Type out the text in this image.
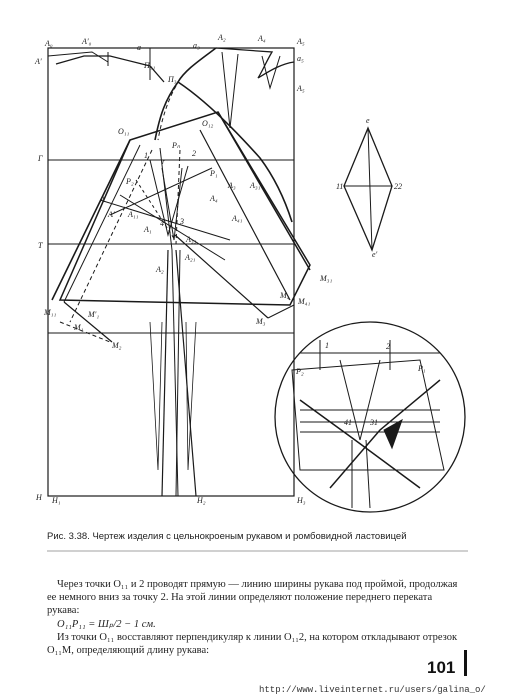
A₀	A′₀
a	a₃
A₂	A₄	A₅
a₅
A₅
A′	П₃₁
П₃
O₁₁
O₁₂
Г	1	2
Pₙ
r
P₂
P₁
A₃ A₃₁
A
A₁₁
A₄
A₄₁
A′
A₁
4 3
A₃₃
Т
A₂
A₂₁
M₃₁
M₄
M₄₁
M₁₁	M′₁
M₁
M₂
M₃
H H₁	H₂	H₃
е
е′
11	22
1	2
P₂	P₁
41 31
Рис. 3.38. Чертеж изделия с цельнокроеным рукавом и ромбовидной ластовицей
Через точки O₁₁ и 2 проводят прямую — линию ширины рукава под проймой, продолжая ее немного вниз за точку 2. На этой линии определяют положение переднего переката рукава:
O₁₁P₁₁ = Шₚ/2 − 1 см.
Из точки O₁₁ восставляют перпендикуляр к линии O₁₁2, на котором откладывают отрезок O₁₁M, определяющий длину рукава:
101
http://www.liveinternet.ru/users/galina_o/
